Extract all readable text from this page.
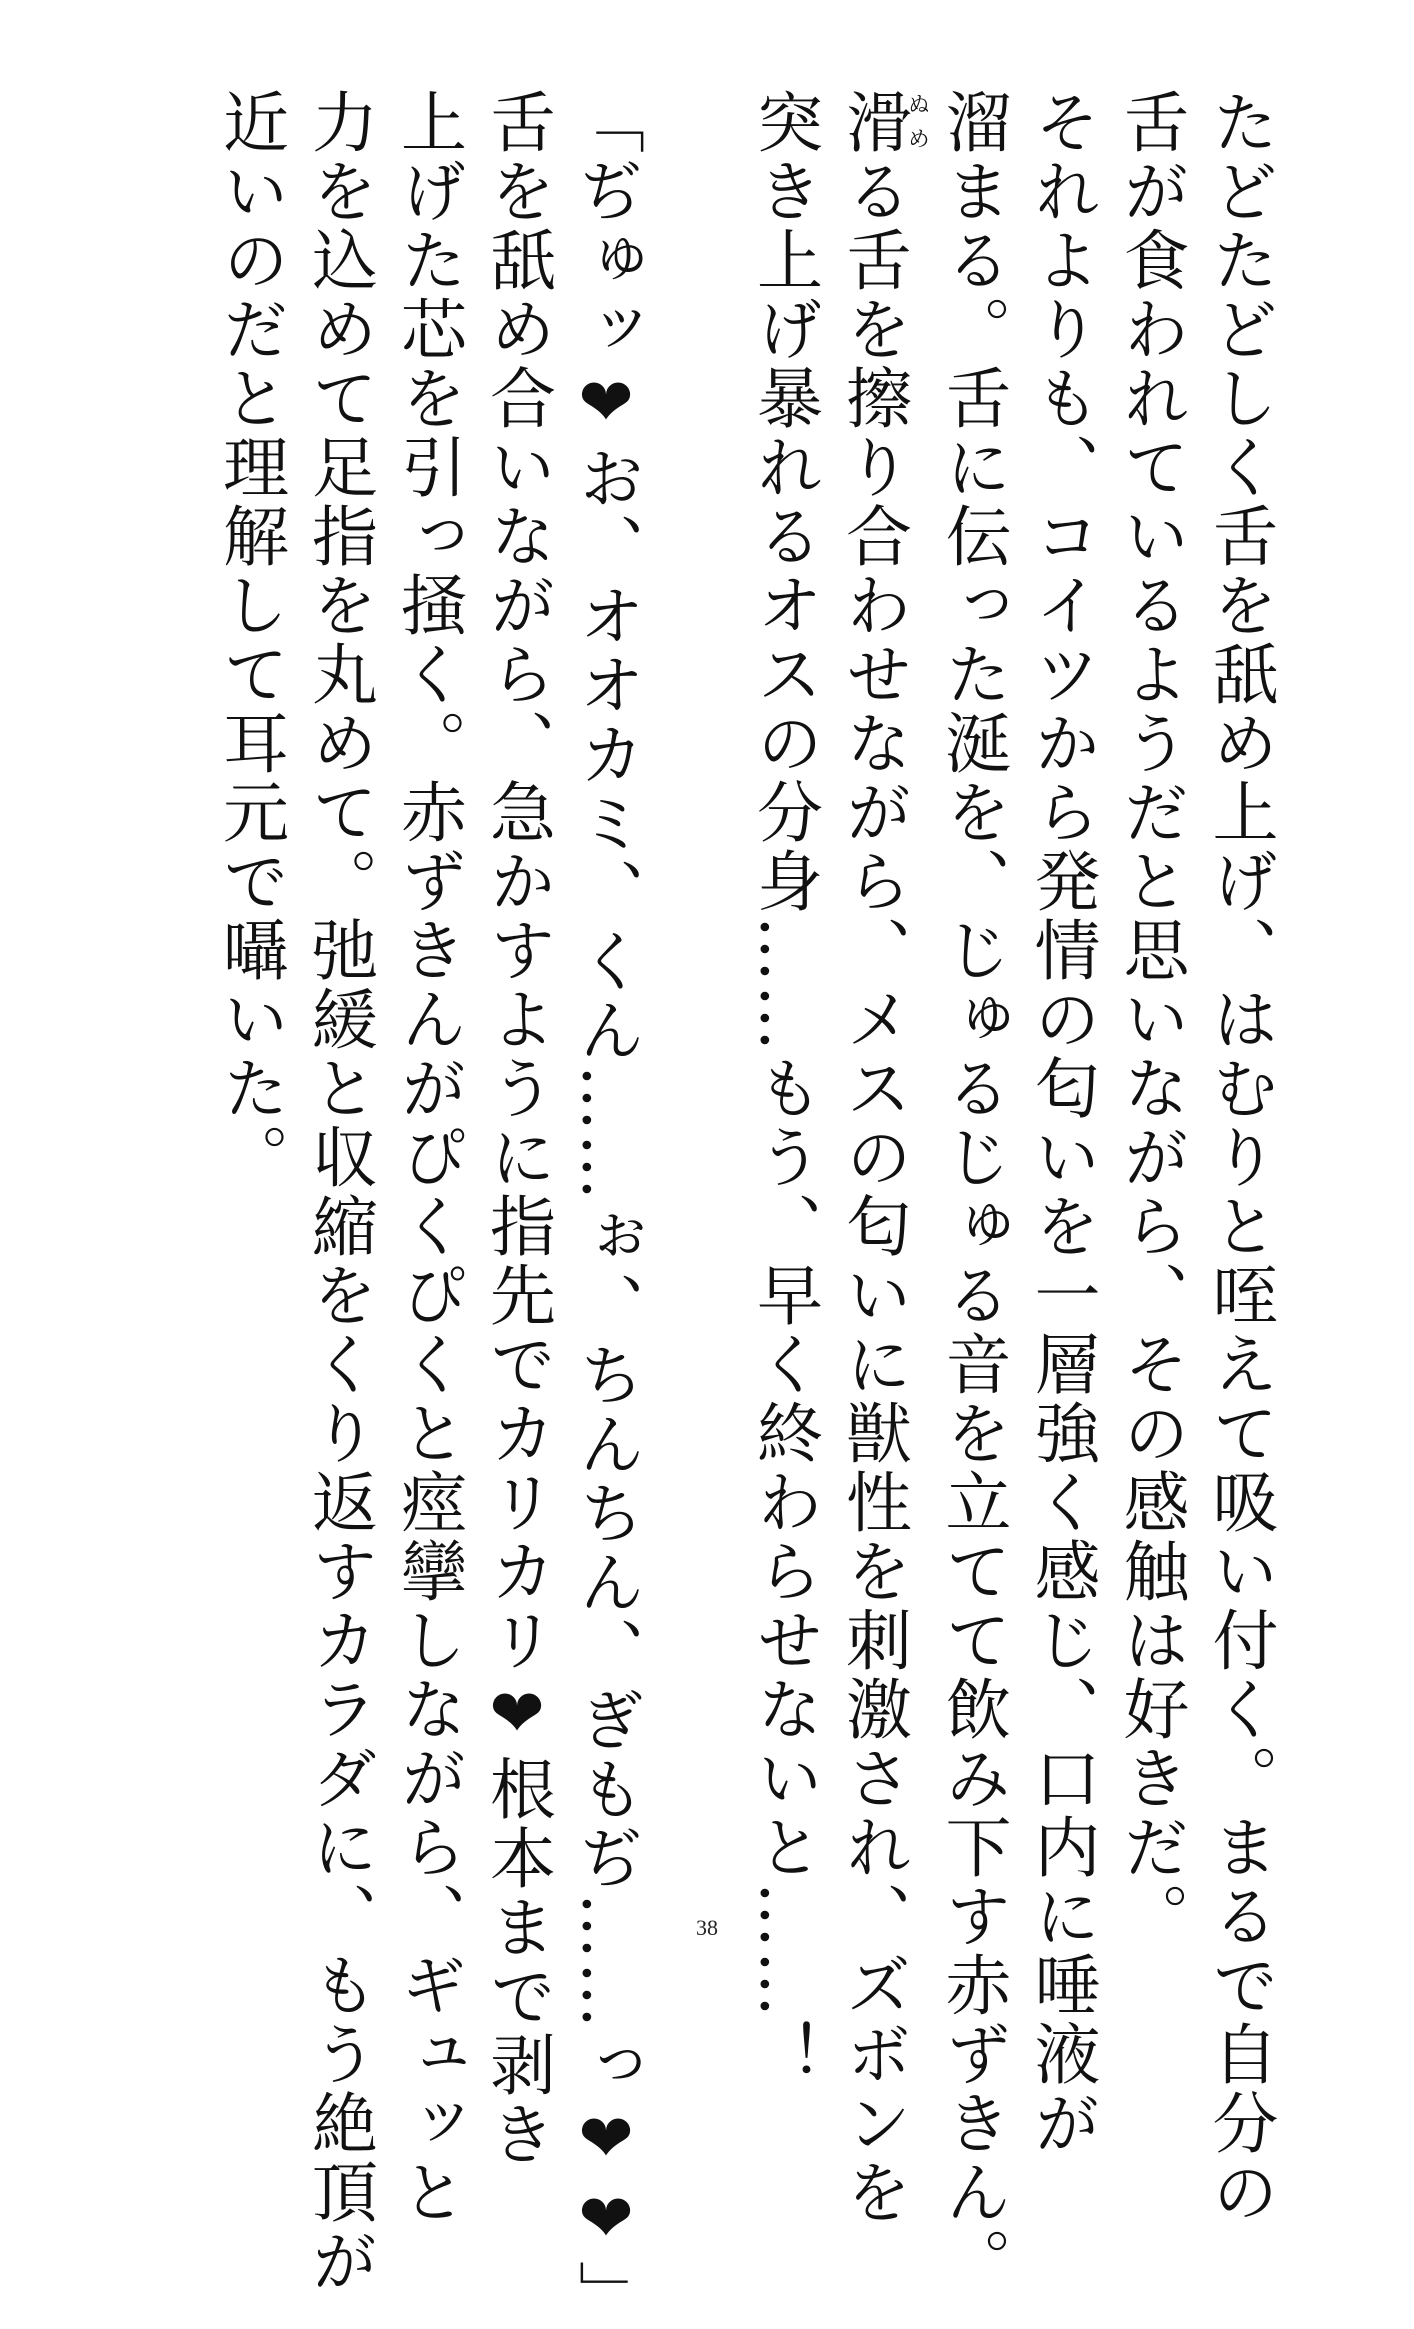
たどたどしく舌を舐め上げ、はむりと咥えて吸い付く。まるで自分の
舌が食われているようだと思いながら、その感触は好きだ。
それよりも、コイツから発情の匂いを一層強く感じ、口内に唾液が
溜まる。舌に伝った涎を、じゅるじゅる音を立てて飲み下す赤ずきん。
滑ぬめる舌を擦り合わせながら、メスの匂いに獣性を刺激され、ズボンを
突き上げ暴れるオスの分身……もう、早く終わらせないと……！
「ぢゅッ❤お、オオカミ、くん……ぉ、ちんちん、ぎもぢ……っ❤❤」
舌を舐め合いながら、急かすように指先でカリカリ❤根本まで剥き
上げた芯を引っ掻く。赤ずきんがぴくぴくと痙攣しながら、ギュッと
力を込めて足指を丸めて。弛緩と収縮をくり返すカラダに、もう絶頂が
近いのだと理解して耳元で囁いた。
38
